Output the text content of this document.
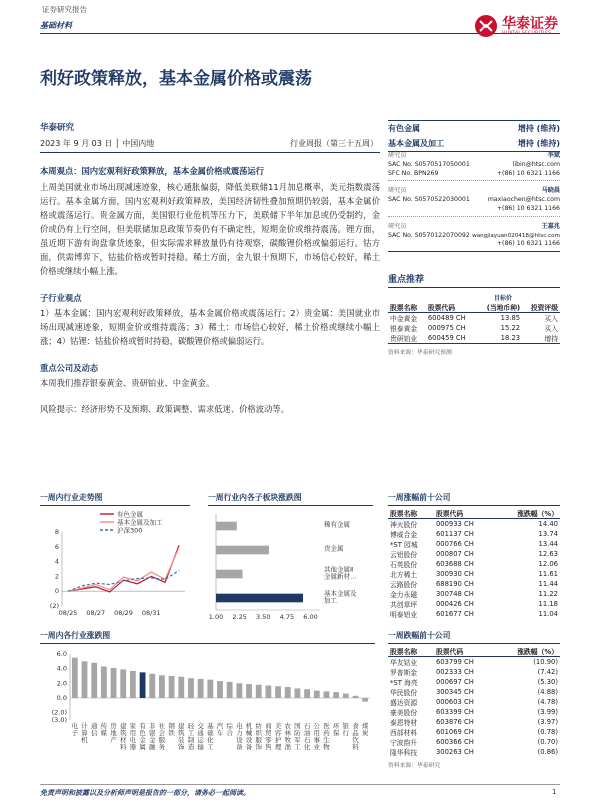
证券研究报告
基础材料	华泰证券
HUATAI SECURITIES
利好政策释放，基本金属价格或震荡
华泰研究
2023 年 9 月 03 日 │ 中国内地	行业周报（第三十五周）
本周观点：国内宏观利好政策释放，基本金属价格或震荡运行
上周美国就业市场出现减速迹象，核心通胀偏弱，降低美联储11月加息概率，美元指数震荡运行。基本金属方面，国内宏观利好政策释放，美国经济韧性叠加预期仍较弱，基本金属价格或震荡运行。贵金属方面，美国银行业危机等压力下，美联储下半年加息或仍受制约，金价或仍有上行空间，但美联储加息政策节奏仍有不确定性，短期金价或维持震荡。锂方面，虽近期下游有询盘拿货迹象，但实际需求释放量仍有待观察，碳酸锂价格或偏弱运行。钴方面，供需博弈下，钴盐价格或暂时持稳。稀土方面，金九银十预期下，市场信心较好，稀土价格或继续小幅上涨。
子行业观点
1）基本金属：国内宏观利好政策释放，基本金属价格或震荡运行；2）贵金属：美国就业市场出现减速迹象，短期金价或维持震荡；3）稀土：市场信心较好，稀土价格或继续小幅上涨；4）钴锂：钴盐价格或暂时持稳，碳酸锂价格或偏弱运行。
重点公司及动态
本周我们推荐银泰黄金、贵研铂业、中金黄金。
风险提示：经济形势不及预期、政策调整、需求低迷、价格波动等。
有色金属	增持 (维持)
基本金属及加工	增持 (维持)
研究员	李斌
SAC No. S0570517050001	libin@htsc.com
SFC No. BPN269	+(86) 10 6321 1166
研究员	马晓晨
SAC No. S0570522030001	maxiaochen@htsc.com
+(86) 10 6321 1166
研究员	王嘉兆
SAC No. S0570122070092 wangjiayuan020418@htsc.com
+(86) 10 6321 1166
重点推荐
目标价
股票名称	股票代码	(当地币种)	投资评级
中金黄金	600489 CH	13.85	买入
银泰黄金	000975 CH	15.22	买入
贵研铂业	600459 CH	18.23	增持
资料来源：华泰研究预测
一周内行业走势图
8
6
4
2
0
(2)
08/25 08/27 08/29 08/31
有色金属
基本金属及加工
沪深300
一周行业内各子板块涨跌图
稀有金属
贵金属
其他金属Ⅱ
金属新材…
基本金属及
加工
1.00 2.25 3.50 4.75 6.00
一周内各行业涨跌图
6.0
4.0
2.0
0.0
(2.0)
(3.0)
电
子
计
算
机
通
信
传
媒
房
地
产
建
筑
材
料
家
用
电
器
有
色
金
属
非
银
金
融
社
会
服
务
钢
铁
建
筑
装
饰
轻
工
制
造
交
通
运
输
基
础
化
工
汽
车
综
合
电
力
设
备
机
械
设
备
纺
织
服
饰
商
贸
零
售
美
容
护
理
农
林
牧
渔
国
防
军
工
石
油
石
化
公
用
事
业
医
药
生
物
环
保
银
行
食
品
饮
料
煤
炭
一周涨幅前十公司
股票名称	股票代码	涨跌幅（%）
神火股份	000933 CH	14.40
博威合金	601137 CH	13.74
*ST 园城	000766 CH	13.44
云铝股份	000807 CH	12.63
石英股份	603688 CH	12.06
北方稀土	300930 CH	11.61
云路股份	688190 CH	11.44
金力永磁	300748 CH	11.22
共创草坪	000426 CH	11.18
明泰铝业	601677 CH	11.04
一周跌幅前十公司
股票名称	股票代码	涨跌幅（%）
华友钴业	603799 CH	(10.90)
罗普斯金	002333 CH	(7.42)
*ST 海亮	000697 CH	(5.30)
华民股份	300345 CH	(4.88)
盛达资源	000603 CH	(4.78)
豪美股份	603399 CH	(3.99)
泰恩特材	603876 CH	(3.97)
西部材料	601069 CH	(0.78)
宁波韵升	600366 CH	(0.70)
隆华科技	300263 CH	(0.86)
资料来源：华泰研究
免责声明和披露以及分析师声明是报告的一部分，请务必一起阅读。	1
